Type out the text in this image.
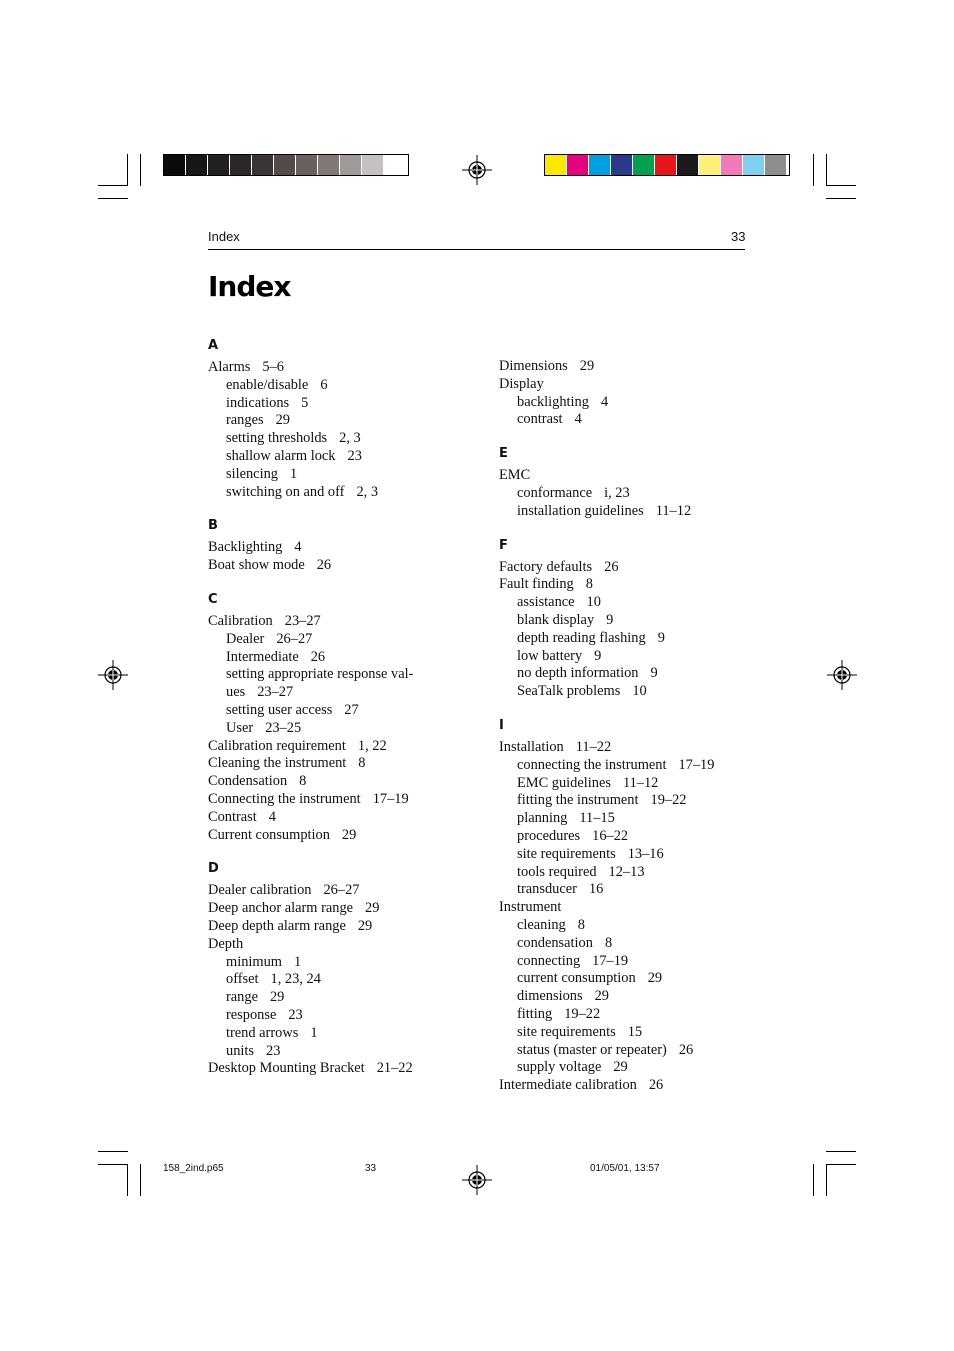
Index	33
Index
A
Alarms 5–6
enable/disable 6
indications 5
ranges 29
setting thresholds 2, 3
shallow alarm lock 23
silencing 1
switching on and off 2, 3
B
Backlighting 4
Boat show mode 26
C
Calibration 23–27
Dealer 26–27
Intermediate 26
setting appropriate response val-
ues 23–27
setting user access 27
User 23–25
Calibration requirement 1, 22
Cleaning the instrument 8
Condensation 8
Connecting the instrument 17–19
Contrast 4
Current consumption 29
D
Dealer calibration 26–27
Deep anchor alarm range 29
Deep depth alarm range 29
Depth
minimum 1
offset 1, 23, 24
range 29
response 23
trend arrows 1
units 23
Desktop Mounting Bracket 21–22
Dimensions 29
Display
backlighting 4
contrast 4
E
EMC
conformance i, 23
installation guidelines 11–12
F
Factory defaults 26
Fault finding 8
assistance 10
blank display 9
depth reading flashing 9
low battery 9
no depth information 9
SeaTalk problems 10
I
Installation 11–22
connecting the instrument 17–19
EMC guidelines 11–12
fitting the instrument 19–22
planning 11–15
procedures 16–22
site requirements 13–16
tools required 12–13
transducer 16
Instrument
cleaning 8
condensation 8
connecting 17–19
current consumption 29
dimensions 29
fitting 19–22
site requirements 15
status (master or repeater) 26
supply voltage 29
Intermediate calibration 26
158_2ind.p65	33	01/05/01, 13:57
